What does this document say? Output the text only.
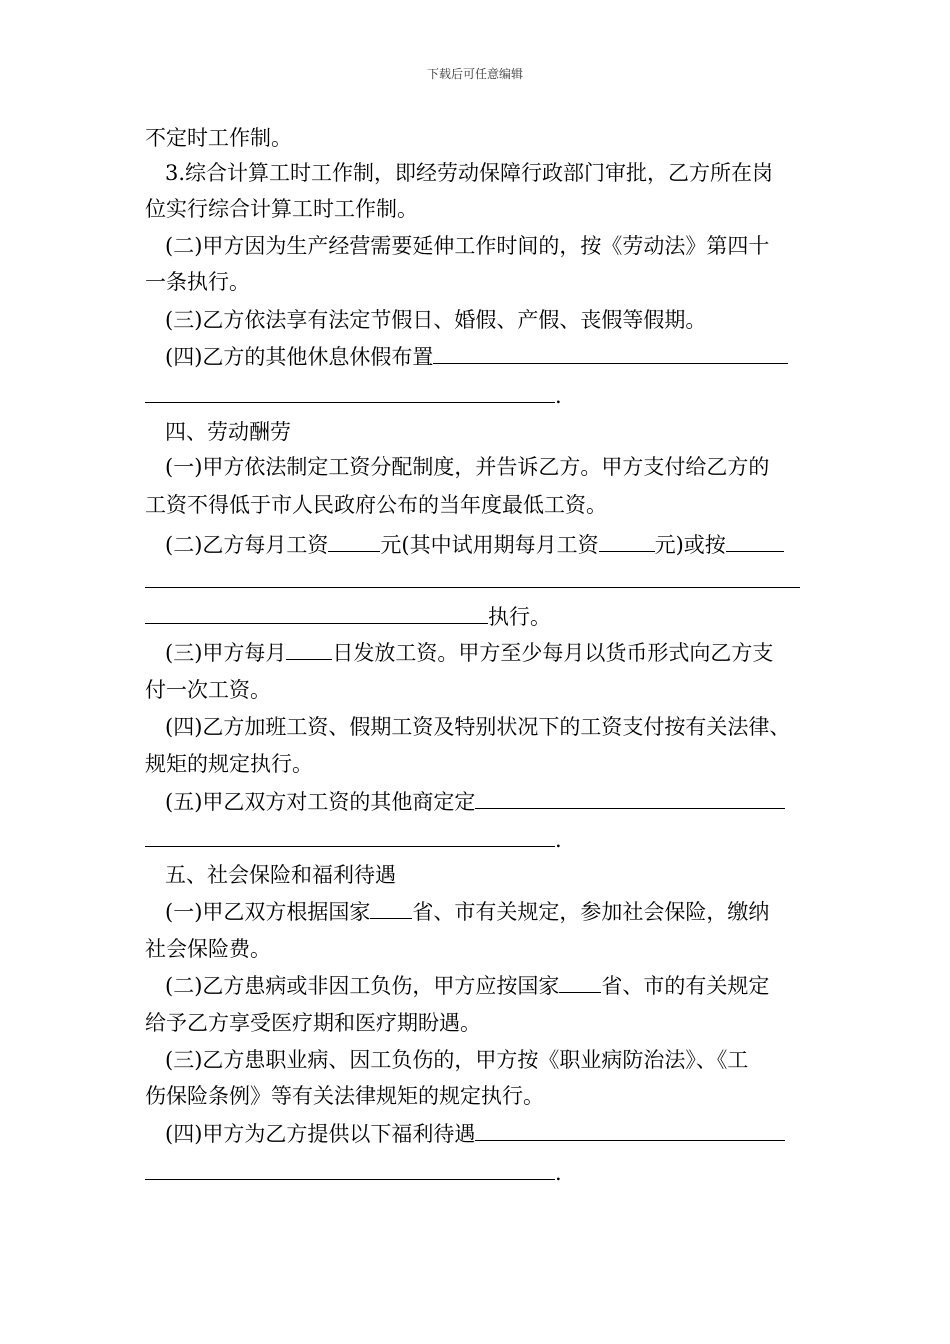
下载后可任意编辑
不定时工作制。
3.综合计算工时工作制，即经劳动保障行政部门审批，乙方所在岗
位实行综合计算工时工作制。
(二)甲方因为生产经营需要延伸工作时间的，按《劳动法》第四十
一条执行。
(三)乙方依法享有法定节假日、婚假、产假、丧假等假期。
(四)乙方的其他休息休假布置
.
四、劳动酬劳
(一)甲方依法制定工资分配制度，并告诉乙方。甲方支付给乙方的
工资不得低于市人民政府公布的当年度最低工资。
(二)乙方每月工资 元(其中试用期每月工资	元)或按
执行。
(三)甲方每月 日发放工资。甲方至少每月以货币形式向乙方支
付一次工资。
(四)乙方加班工资、假期工资及特别状况下的工资支付按有关法律、
规矩的规定执行。
(五)甲乙双方对工资的其他商定定
.
五、社会保险和福利待遇
(一)甲乙双方根据国家 省、市有关规定，参加社会保险，缴纳
社会保险费。
(二)乙方患病或非因工负伤，甲方应按国家 省、市的有关规定
给予乙方享受医疗期和医疗期盼遇。
(三)乙方患职业病、因工负伤的，甲方按《职业病防治法》、《工
伤保险条例》等有关法律规矩的规定执行。
(四)甲方为乙方提供以下福利待遇
.
